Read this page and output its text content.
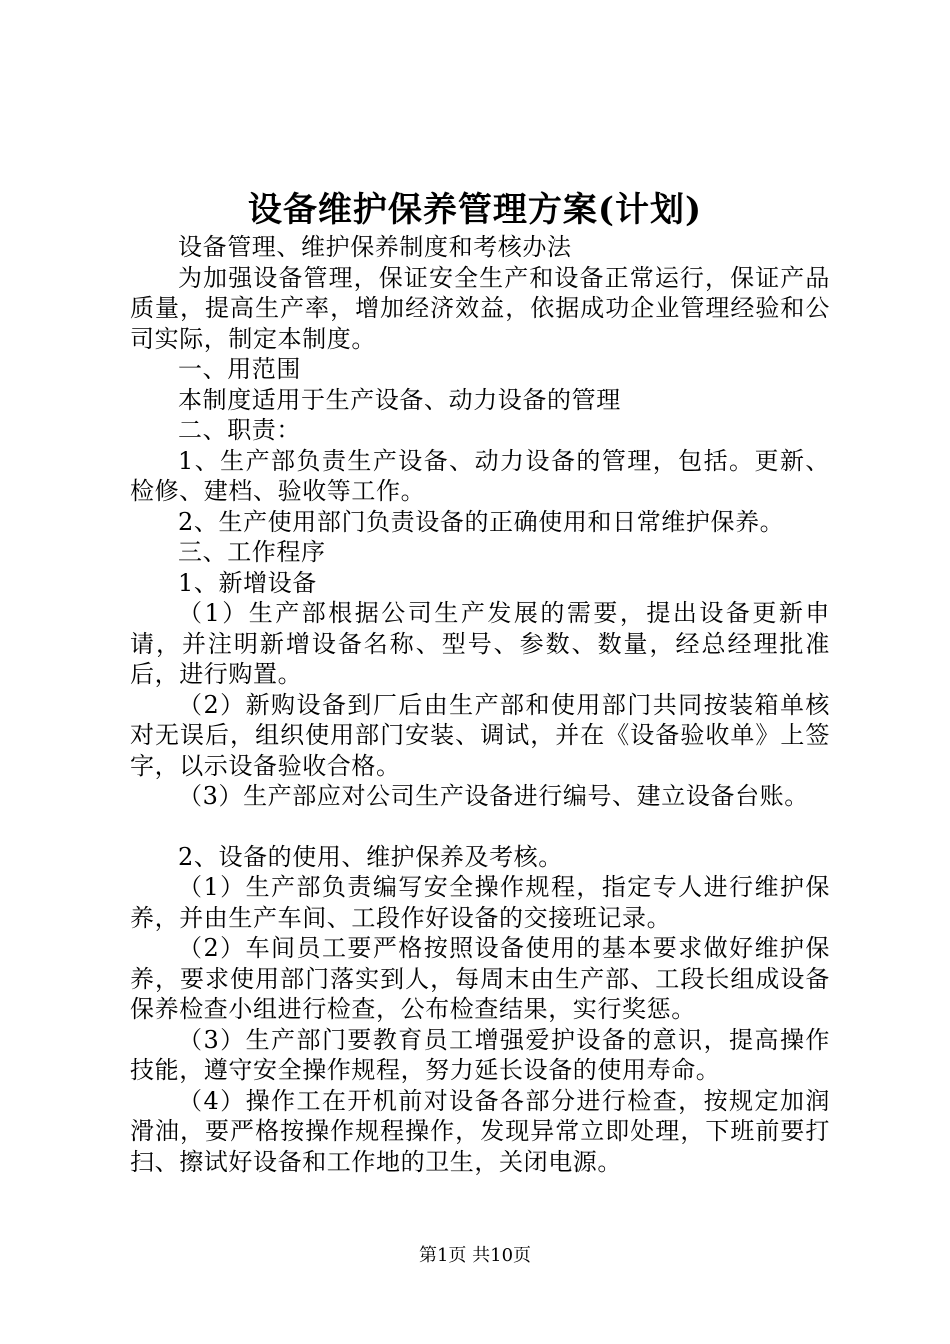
设备维护保养管理方案(计划)

设备管理、维护保养制度和考核办法

为加强设备管理，保证安全生产和设备正常运行，保证产品质量，提高生产率，增加经济效益，依据成功企业管理经验和公司实际，制定本制度。

一、用范围

本制度适用于生产设备、动力设备的管理

二、职责：

1、生产部负责生产设备、动力设备的管理，包括。更新、检修、建档、验收等工作。

2、生产使用部门负责设备的正确使用和日常维护保养。

三、工作程序

1、新增设备

（1）生产部根据公司生产发展的需要，提出设备更新申请，并注明新增设备名称、型号、参数、数量，经总经理批准后，进行购置。

（2）新购设备到厂后由生产部和使用部门共同按装箱单核对无误后，组织使用部门安装、调试，并在《设备验收单》上签字，以示设备验收合格。

（3）生产部应对公司生产设备进行编号、建立设备台账。

2、设备的使用、维护保养及考核。

（1）生产部负责编写安全操作规程，指定专人进行维护保养，并由生产车间、工段作好设备的交接班记录。

（2）车间员工要严格按照设备使用的基本要求做好维护保养，要求使用部门落实到人，每周末由生产部、工段长组成设备保养检查小组进行检查，公布检查结果，实行奖惩。

（3）生产部门要教育员工增强爱护设备的意识，提高操作技能，遵守安全操作规程，努力延长设备的使用寿命。

（4）操作工在开机前对设备各部分进行检查，按规定加润滑油，要严格按操作规程操作，发现异常立即处理，下班前要打扫、擦试好设备和工作地的卫生，关闭电源。

第1页 共10页
